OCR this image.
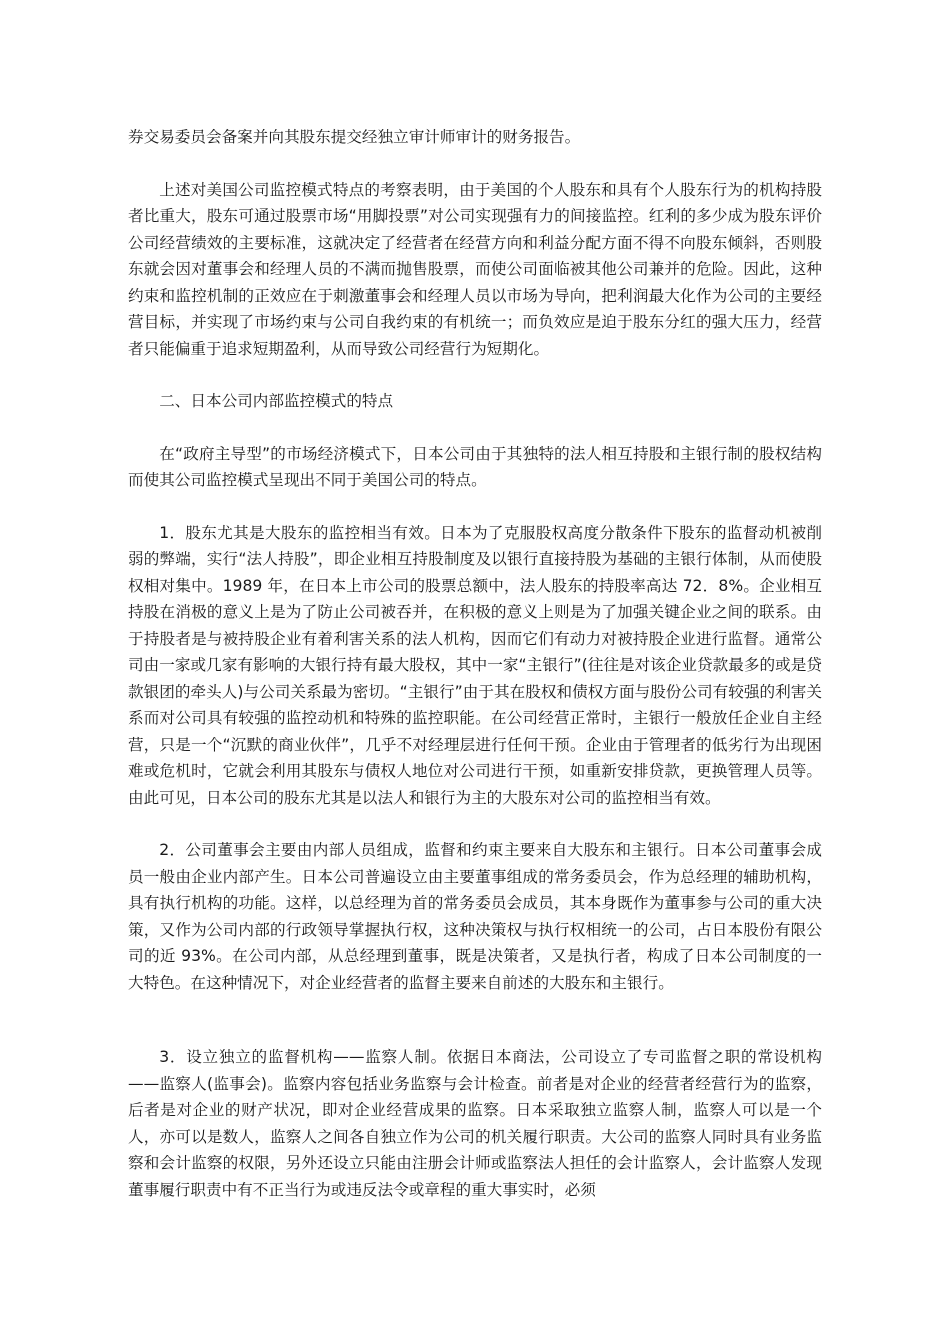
券交易委员会备案并向其股东提交经独立审计师审计的财务报告。

上述对美国公司监控模式特点的考察表明，由于美国的个人股东和具有个人股东行为的机构持股者比重大，股东可通过股票市场“用脚投票”对公司实现强有力的间接监控。红利的多少成为股东评价公司经营绩效的主要标准，这就决定了经营者在经营方向和利益分配方面不得不向股东倾斜，否则股东就会因对董事会和经理人员的不满而抛售股票，而使公司面临被其他公司兼并的危险。因此，这种约束和监控机制的正效应在于刺激董事会和经理人员以市场为导向，把利润最大化作为公司的主要经营目标，并实现了市场约束与公司自我约束的有机统一；而负效应是迫于股东分红的强大压力，经营者只能偏重于追求短期盈利，从而导致公司经营行为短期化。

二、日本公司内部监控模式的特点

在“政府主导型”的市场经济模式下，日本公司由于其独特的法人相互持股和主银行制的股权结构而使其公司监控模式呈现出不同于美国公司的特点。

1．股东尤其是大股东的监控相当有效。日本为了克服股权高度分散条件下股东的监督动机被削弱的弊端，实行“法人持股”，即企业相互持股制度及以银行直接持股为基础的主银行体制，从而使股权相对集中。1989 年，在日本上市公司的股票总额中，法人股东的持股率高达 72．8%。企业相互持股在消极的意义上是为了防止公司被吞并，在积极的意义上则是为了加强关键企业之间的联系。由于持股者是与被持股企业有着利害关系的法人机构，因而它们有动力对被持股企业进行监督。通常公司由一家或几家有影响的大银行持有最大股权，其中一家“主银行”(往往是对该企业贷款最多的或是贷款银团的牵头人)与公司关系最为密切。“主银行”由于其在股权和债权方面与股份公司有较强的利害关系而对公司具有较强的监控动机和特殊的监控职能。在公司经营正常时，主银行一般放任企业自主经营，只是一个“沉默的商业伙伴”，几乎不对经理层进行任何干预。企业由于管理者的低劣行为出现困难或危机时，它就会利用其股东与债权人地位对公司进行干预，如重新安排贷款，更换管理人员等。由此可见，日本公司的股东尤其是以法人和银行为主的大股东对公司的监控相当有效。

2．公司董事会主要由内部人员组成，监督和约束主要来自大股东和主银行。日本公司董事会成员一般由企业内部产生。日本公司普遍设立由主要董事组成的常务委员会，作为总经理的辅助机构，具有执行机构的功能。这样，以总经理为首的常务委员会成员，其本身既作为董事参与公司的重大决策，又作为公司内部的行政领导掌握执行权，这种决策权与执行权相统一的公司，占日本股份有限公司的近 93%。在公司内部，从总经理到董事，既是决策者，又是执行者，构成了日本公司制度的一大特色。在这种情况下，对企业经营者的监督主要来自前述的大股东和主银行。

3．设立独立的监督机构——监察人制。依据日本商法，公司设立了专司监督之职的常设机构——监察人(监事会)。监察内容包括业务监察与会计检查。前者是对企业的经营者经营行为的监察，后者是对企业的财产状况，即对企业经营成果的监察。日本采取独立监察人制，监察人可以是一个人，亦可以是数人，监察人之间各自独立作为公司的机关履行职责。大公司的监察人同时具有业务监察和会计监察的权限，另外还设立只能由注册会计师或监察法人担任的会计监察人，会计监察人发现董事履行职责中有不正当行为或违反法令或章程的重大事实时，必须
